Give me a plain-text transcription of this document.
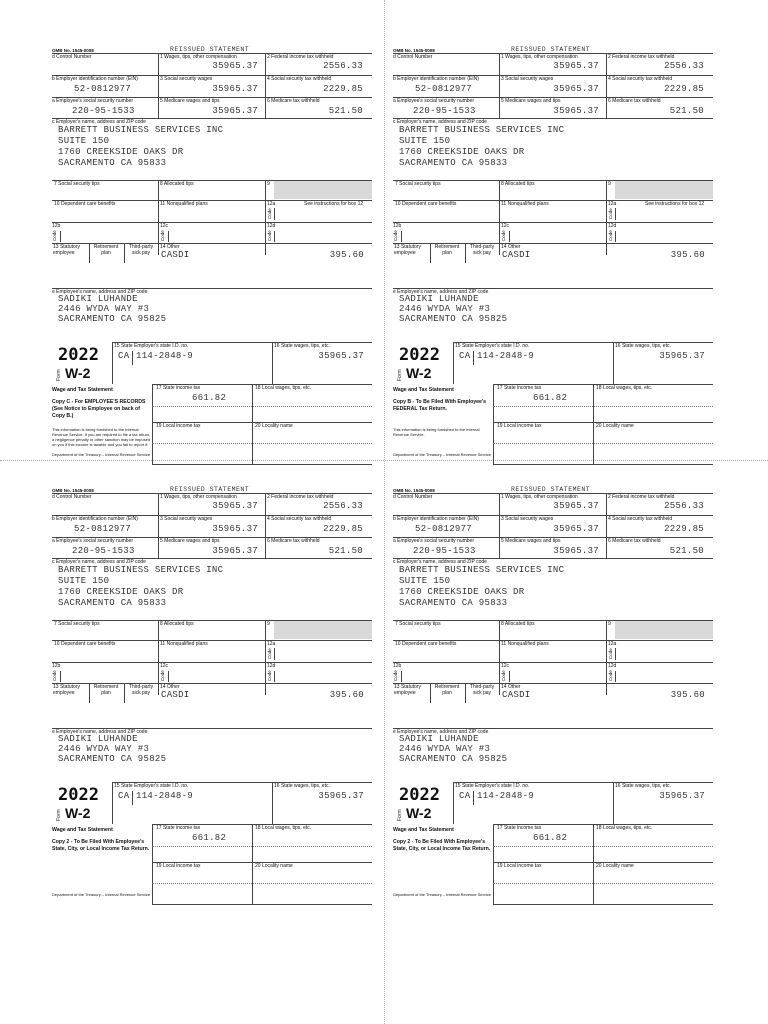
OMB No. 1545-0008	REISSUED STATEMENT
d Control Number	1 Wages, tips, other compensation
35965.37
2 Federal income tax withheld
2556.33
b Employer identification number (EIN)
52-0812977
3 Social security wages
35965.37
4 Social security tax withheld
2229.85
a Employee's social security number
220-95-1533
5 Medicare wages and tips
35965.37
6 Medicare tax withheld
521.50
c Employer's name, address and ZIP code
BARRETT BUSINESS SERVICES INC
SUITE 150
1760 CREEKSIDE OAKS DR
SACRAMENTO CA 95833
7 Social security tips	8 Allocated tips	9
10 Dependent care benefits	11 Nonqualified plans	12a	See instructions for box 12
Code
12b
Code
12c
Code
12d
Code
13 Statutory employee
Retirement plan
Third-party sick pay
14 Other
CASDI	395.60
e Employee's name, address and ZIP code
SADIKI LUHANDE
2446 WYDA WAY #3
SACRAMENTO CA 95825
2022
Form W-2
15 State Employer's state I.D. no.
CA 114-2848-9
16 State wages, tips, etc.
35965.37
Wage and Tax Statement
Copy C - For EMPLOYEE'S RECORDS (See Notice to Employee on back of Copy B.)
This information is being furnished to the Internal Revenue Service. If you are required to file a tax return, a negligence penalty or other sanction may be imposed on you if this income is taxable and you fail to report it.
Department of the Treasury – Internal Revenue Service
17 State income tax
661.82
18 Local wages, tips, etc.
19 Local income tax	20 Locality name
OMB No. 1545-0008	REISSUED STATEMENT
d Control Number	1 Wages, tips, other compensation
35965.37
2 Federal income tax withheld
2556.33
b Employer identification number (EIN)
52-0812977
3 Social security wages
35965.37
4 Social security tax withheld
2229.85
a Employee's social security number
220-95-1533
5 Medicare wages and tips
35965.37
6 Medicare tax withheld
521.50
c Employer's name, address and ZIP code
BARRETT BUSINESS SERVICES INC
SUITE 150
1760 CREEKSIDE OAKS DR
SACRAMENTO CA 95833
7 Social security tips	8 Allocated tips	9
10 Dependent care benefits	11 Nonqualified plans	12a	See instructions for box 12
Code
12b
Code
12c
Code
12d
Code
13 Statutory employee
Retirement plan
Third-party sick pay
14 Other
CASDI	395.60
e Employee's name, address and ZIP code
SADIKI LUHANDE
2446 WYDA WAY #3
SACRAMENTO CA 95825
2022
Form W-2
15 State Employer's state I.D. no.
CA 114-2848-9
16 State wages, tips, etc.
35965.37
Wage and Tax Statement
Copy B - To Be Filed With Employee's FEDERAL Tax Return.
This information is being furnished to the Internal Revenue Service.
Department of the Treasury – Internal Revenue Service
17 State income tax
661.82
18 Local wages, tips, etc.
19 Local income tax	20 Locality name
OMB No. 1545-0008	REISSUED STATEMENT
d Control Number	1 Wages, tips, other compensation
35965.37
2 Federal income tax withheld
2556.33
b Employer identification number (EIN)
52-0812977
3 Social security wages
35965.37
4 Social security tax withheld
2229.85
a Employee's social security number
220-95-1533
5 Medicare wages and tips
35965.37
6 Medicare tax withheld
521.50
c Employer's name, address and ZIP code
BARRETT BUSINESS SERVICES INC
SUITE 150
1760 CREEKSIDE OAKS DR
SACRAMENTO CA 95833
7 Social security tips	8 Allocated tips	9
10 Dependent care benefits	11 Nonqualified plans	12a
Code
12b
Code
12c
Code
12d
Code
13 Statutory employee
Retirement plan
Third-party sick pay
14 Other
CASDI	395.60
e Employee's name, address and ZIP code
SADIKI LUHANDE
2446 WYDA WAY #3
SACRAMENTO CA 95825
2022
Form W-2
15 State Employer's state I.D. no.
CA 114-2848-9
16 State wages, tips, etc.
35965.37
Wage and Tax Statement
Copy 2 - To Be Filed With Employee's State, City, or Local Income Tax Return.
Department of the Treasury – Internal Revenue Service
17 State income tax
661.82
18 Local wages, tips, etc.
19 Local income tax	20 Locality name
OMB No. 1545-0008	REISSUED STATEMENT
d Control Number	1 Wages, tips, other compensation
35965.37
2 Federal income tax withheld
2556.33
b Employer identification number (EIN)
52-0812977
3 Social security wages
35965.37
4 Social security tax withheld
2229.85
a Employee's social security number
220-95-1533
5 Medicare wages and tips
35965.37
6 Medicare tax withheld
521.50
c Employer's name, address and ZIP code
BARRETT BUSINESS SERVICES INC
SUITE 150
1760 CREEKSIDE OAKS DR
SACRAMENTO CA 95833
7 Social security tips	8 Allocated tips	9
10 Dependent care benefits	11 Nonqualified plans	12a
Code
12b
Code
12c
Code
12d
Code
13 Statutory employee
Retirement plan
Third-party sick pay
14 Other
CASDI	395.60
e Employee's name, address and ZIP code
SADIKI LUHANDE
2446 WYDA WAY #3
SACRAMENTO CA 95825
2022
Form W-2
15 State Employer's state I.D. no.
CA 114-2848-9
16 State wages, tips, etc.
35965.37
Wage and Tax Statement
Copy 2 - To Be Filed With Employee's State, City, or Local Income Tax Return.
Department of the Treasury – Internal Revenue Service
17 State income tax
661.82
18 Local wages, tips, etc.
19 Local income tax	20 Locality name
